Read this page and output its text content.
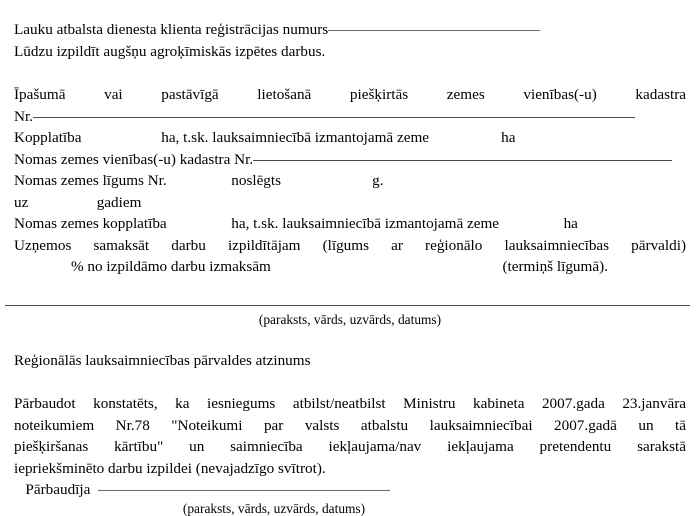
Lauku atbalsta dienesta klienta reģistrācijas numurs
Lūdzu izpildīt augšņu agroķīmiskās izpētes darbus.

Īpašumā vai pastāvīgā lietošanā piešķirtās zemes vienības(-u) kadastra

Nr.
Kopplatība	ha, t.sk. lauksaimniecībā izmantojamā zeme	ha
Nomas zemes vienības(-u) kadastra Nr.
Nomas zemes līgums Nr.	noslēgts	g.
uz	gadiem
Nomas zemes kopplatība	ha, t.sk. lauksaimniecībā izmantojamā zeme	ha

Uzņemos samaksāt darbu izpildītājam (līgums ar reģionālo lauksaimniecības pārvaldi)

% no izpildāmo darbu izmaksām	(termiņš līgumā).
(paraksts, vārds, uzvārds, datums)
Reģionālās lauksaimniecības pārvaldes atzinums

Pārbaudot konstatēts, ka iesniegums atbilst/neatbilst Ministru kabineta 2007.gada 23.janvāra

noteikumiem Nr.78 "Noteikumi par valsts atbalstu lauksaimniecībai 2007.gadā un tā

piešķiršanas kārtību" un saimniecība iekļaujama/nav iekļaujama pretendentu sarakstā

iepriekšminēto darbu izpildei (nevajadzīgo svītrot).

Pārbaudīja
(paraksts, vārds, uzvārds, datums)
